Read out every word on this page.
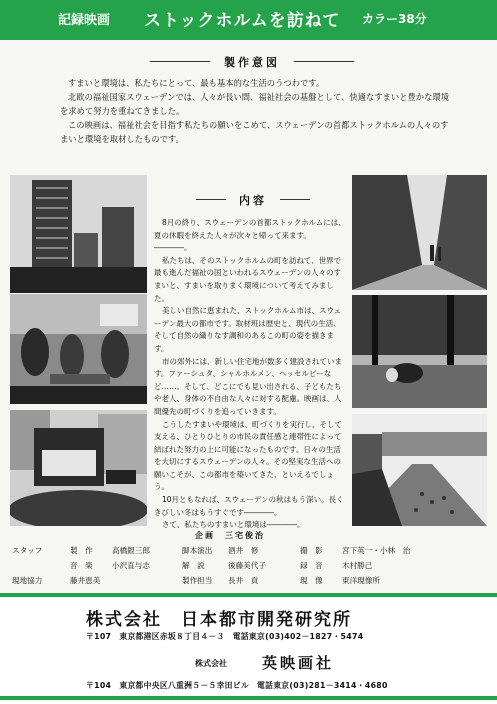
記録映画 ストックホルムを訪ねて カラー38分
製作意図

すまいと環境は、私たちにとって、最も基本的な生活のうつわです。

北欧の福祉国家スウェーデンでは、人々が長い間、福祉社会の基盤として、快適なすまいと豊かな環境を求めて努力を重ねてきました。

この映画は、福祉社会を目指す私たちの願いをこめて、スウェーデンの首都ストックホルムの人々のすまいと環境を取材したものです。

内容

8月の終り、スウェーデンの首都ストックホルムには、夏の休暇を終えた人々が次々と帰って来ます。――――。

私たちは、そのストックホルムの町を訪ねて、世界で最も進んだ福祉の国といわれるスウェーデンの人々のすまいと、すまいを取りまく環境について考えてみました。

美しい自然に恵まれた、ストックホルム市は、スウェーデン最大の都市です。取材班は歴史と、現代の生活、そして自然の織りなす調和のあるこの町の姿を描きます。

市の郊外には、新しい住宅地が数多く建設されています。ファーシュタ、シャルホルメン、ヘッセルビーなど……。そして、どこにでも見い出される、子どもたちや老人、身体の不自由な人々に対する配慮。映画は、人間優先の町づくりを追っていきます。

こうしたすまいや環境は、町づくりを実行し、そして支える、ひとりひとりの市民の責任感と連帯性によって結ばれた努力の上に可能になったものです。日々の生活を大切にするスウェーデンの人々。その堅実な生活への願いこそが、この都市を築いてきた、といえるでしょう。

10月ともなれば、スウェーデンの秋はもう深い。長くきびしい冬はもうすぐです――――。

さて、私たちのすまいと環境は――――。

企画　三宅俊治
スタッフ	製　作	高橋銀三郎	脚本演出 酒井　修	撮　影	宮下英一・小林　治
音　楽	小沢直与志	解　説	後藤美代子	録　音	木村勝己
現地協力	藤井恵美	製作担当 長井　貢	現　像	東洋現像所
株式会社　日本都市開発研究所
〒107　東京都港区赤坂８丁目４－３　電話東京(03)402－1827・5474
株式会社 英映画社
〒104　東京都中央区八重洲５－５幸田ビル　電話東京(03)281－3414・4680
